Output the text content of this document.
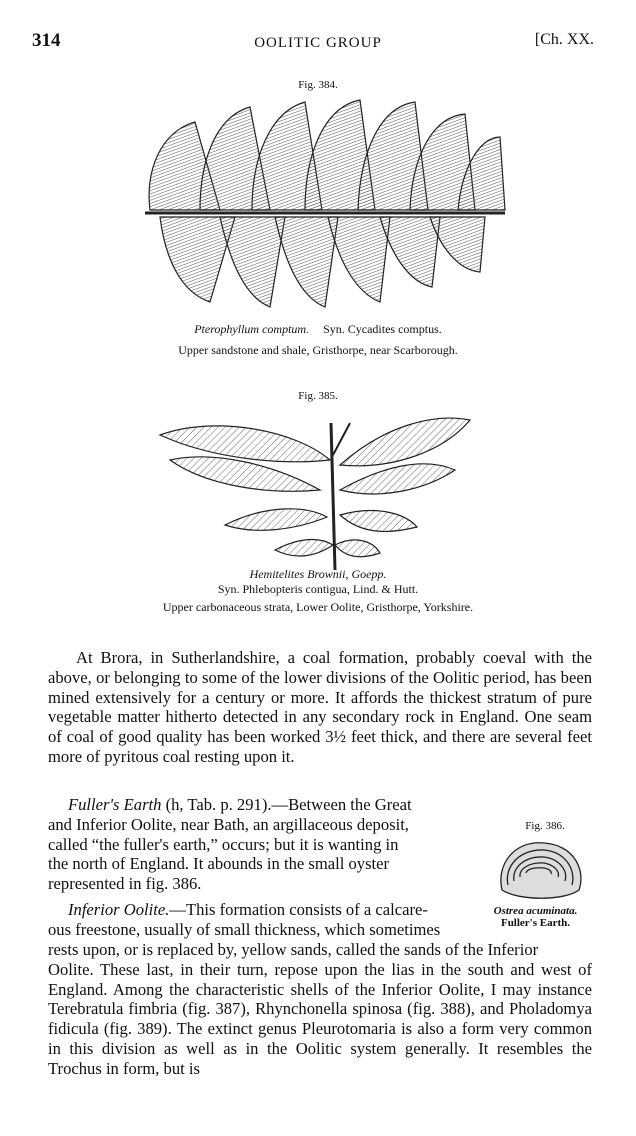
314	OOLITIC GROUP	[Ch. XX.
Fig. 384.
Pterophyllum comptum. Syn. Cycadites comptus.
Upper sandstone and shale, Gristhorpe, near Scarborough.
Fig. 385.
Hemitelites Brownii, Goepp.
Syn. Phlebopteris contigua, Lind. & Hutt.
Upper carbonaceous strata, Lower Oolite, Gristhorpe, Yorkshire.

At Brora, in Sutherlandshire, a coal formation, probably coeval with the above, or belonging to some of the lower divisions of the Oolitic period, has been mined extensively for a century or more. It affords the thickest stratum of pure vegetable matter hitherto detected in any secondary rock in England. One seam of coal of good quality has been worked 3½ feet thick, and there are several feet more of pyritous coal resting upon it.

Fuller's Earth (h, Tab. p. 291).—Between the Great
and Inferior Oolite, near Bath, an argillaceous deposit,
called “the fuller's earth,” occurs; but it is wanting in
the north of England. It abounds in the small oyster
represented in fig. 386.
Fig. 386.
Ostrea acuminata.
Fuller's Earth.
Inferior Oolite.—This formation consists of a calcare-
ous freestone, usually of small thickness, which sometimes
rests upon, or is replaced by, yellow sands, called the sands of the Inferior
Oolite. These last, in their turn, repose upon the lias in the south and west of England. Among the characteristic shells of the Inferior Oolite, I may instance Terebratula fimbria (fig. 387), Rhynchonella spinosa (fig. 388), and Pholadomya fidicula (fig. 389). The extinct genus Pleurotomaria is also a form very common in this division as well as in the Oolitic system generally. It resembles the Trochus in form, but is
